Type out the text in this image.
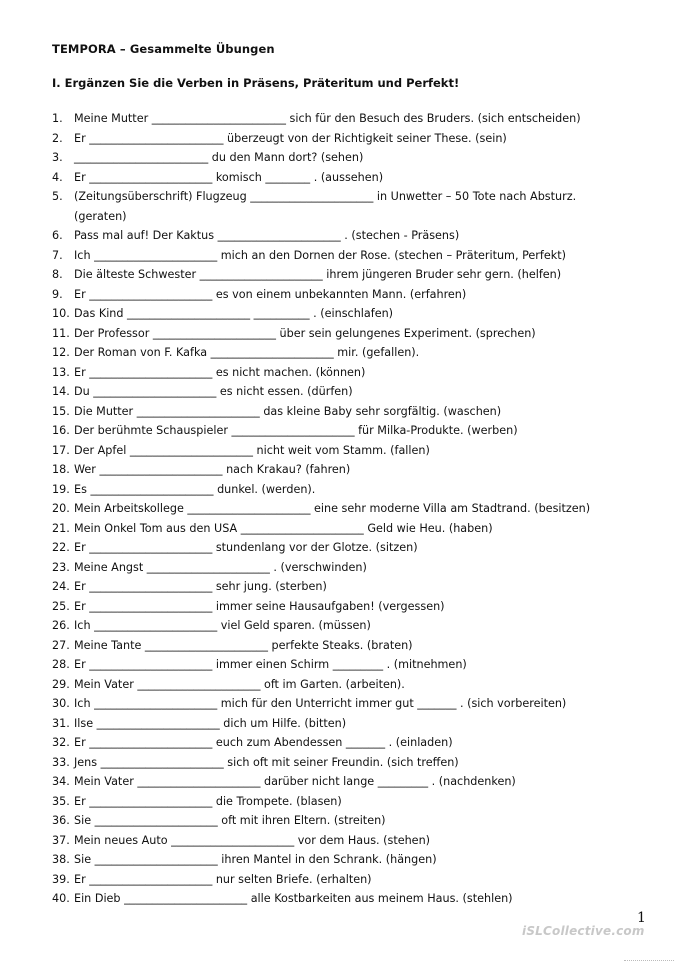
TEMPORA – Gesammelte Übungen
I. Ergänzen Sie die Verben in Präsens, Präteritum und Perfekt!
1.	Meine Mutter ________________________ sich für den Besuch des Bruders. (sich entscheiden)
2.	Er ________________________ überzeugt von der Richtigkeit seiner These. (sein)
3.	________________________ du den Mann dort? (sehen)
4.	Er ______________________ komisch ________ . (aussehen)
5.	(Zeitungsüberschrift) Flugzeug ______________________ in Unwetter – 50 Tote nach Absturz.
(geraten)
6.	Pass mal auf! Der Kaktus ______________________ . (stechen - Präsens)
7.	Ich ______________________ mich an den Dornen der Rose. (stechen – Präteritum, Perfekt)
8.	Die älteste Schwester ______________________ ihrem jüngeren Bruder sehr gern. (helfen)
9.	Er ______________________ es von einem unbekannten Mann. (erfahren)
10. Das Kind ______________________ __________ . (einschlafen)
11. Der Professor ______________________ über sein gelungenes Experiment. (sprechen)
12. Der Roman von F. Kafka ______________________ mir. (gefallen).
13. Er ______________________ es nicht machen. (können)
14. Du ______________________ es nicht essen. (dürfen)
15. Die Mutter ______________________ das kleine Baby sehr sorgfältig. (waschen)
16. Der berühmte Schauspieler ______________________ für Milka-Produkte. (werben)
17. Der Apfel ______________________ nicht weit vom Stamm. (fallen)
18. Wer ______________________ nach Krakau? (fahren)
19. Es ______________________ dunkel. (werden).
20. Mein Arbeitskollege ______________________ eine sehr moderne Villa am Stadtrand. (besitzen)
21. Mein Onkel Tom aus den USA ______________________ Geld wie Heu. (haben)
22. Er ______________________ stundenlang vor der Glotze. (sitzen)
23. Meine Angst ______________________ . (verschwinden)
24. Er ______________________ sehr jung. (sterben)
25. Er ______________________ immer seine Hausaufgaben! (vergessen)
26. Ich ______________________ viel Geld sparen. (müssen)
27. Meine Tante ______________________ perfekte Steaks. (braten)
28. Er ______________________ immer einen Schirm _________ . (mitnehmen)
29. Mein Vater ______________________ oft im Garten. (arbeiten).
30. Ich ______________________ mich für den Unterricht immer gut _______ . (sich vorbereiten)
31. Ilse ______________________ dich um Hilfe. (bitten)
32. Er ______________________ euch zum Abendessen _______ . (einladen)
33. Jens ______________________ sich oft mit seiner Freundin. (sich treffen)
34. Mein Vater ______________________ darüber nicht lange _________ . (nachdenken)
35. Er ______________________ die Trompete. (blasen)
36. Sie ______________________ oft mit ihren Eltern. (streiten)
37. Mein neues Auto ______________________ vor dem Haus. (stehen)
38. Sie ______________________ ihren Mantel in den Schrank. (hängen)
39. Er ______________________ nur selten Briefe. (erhalten)
40. Ein Dieb ______________________ alle Kostbarkeiten aus meinem Haus. (stehlen)
1
iSLCollective.com
